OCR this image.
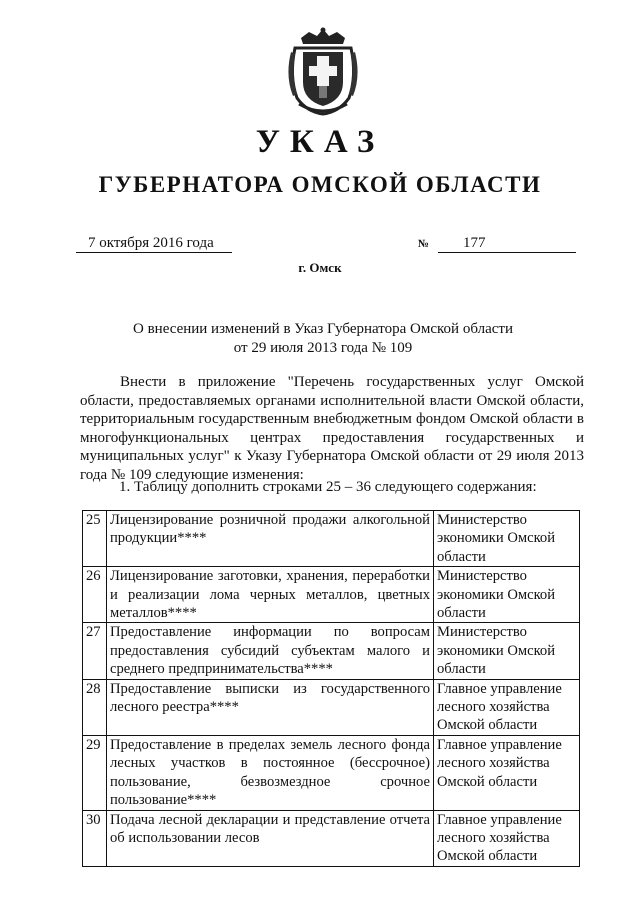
УКАЗ
ГУБЕРНАТОРА ОМСКОЙ ОБЛАСТИ
7 октября 2016 года	№ 177
г. Омск
О внесении изменений в Указ Губернатора Омской области
от 29 июля 2013 года № 109

Внести в приложение "Перечень государственных услуг Омской области, предоставляемых органами исполнительной власти Омской области, территориальным государственным внебюджетным фондом Омской области в многофункциональных центрах предоставления государственных и муниципальных услуг" к Указу Губернатора Омской области от 29 июля 2013 года № 109 следующие изменения:

1. Таблицу дополнить строками 25 – 36 следующего содержания:
25	Лицензирование розничной продажи алкогольной продукции****	Министерство экономики Омской области
26	Лицензирование заготовки, хранения, переработки и реализации лома черных металлов, цветных металлов****	Министерство экономики Омской области
27	Предоставление информации по вопросам предоставления субсидий субъектам малого и среднего предпринимательства****	Министерство экономики Омской области
28	Предоставление выписки из государственного лесного реестра****	Главное управление лесного хозяйства Омской области
29	Предоставление в пределах земель лесного фонда лесных участков в постоянное (бессрочное) пользование, безвозмездное срочное пользование****	Главное управление лесного хозяйства Омской области
30	Подача лесной декларации и представление отчета об использовании лесов	Главное управление лесного хозяйства Омской области
